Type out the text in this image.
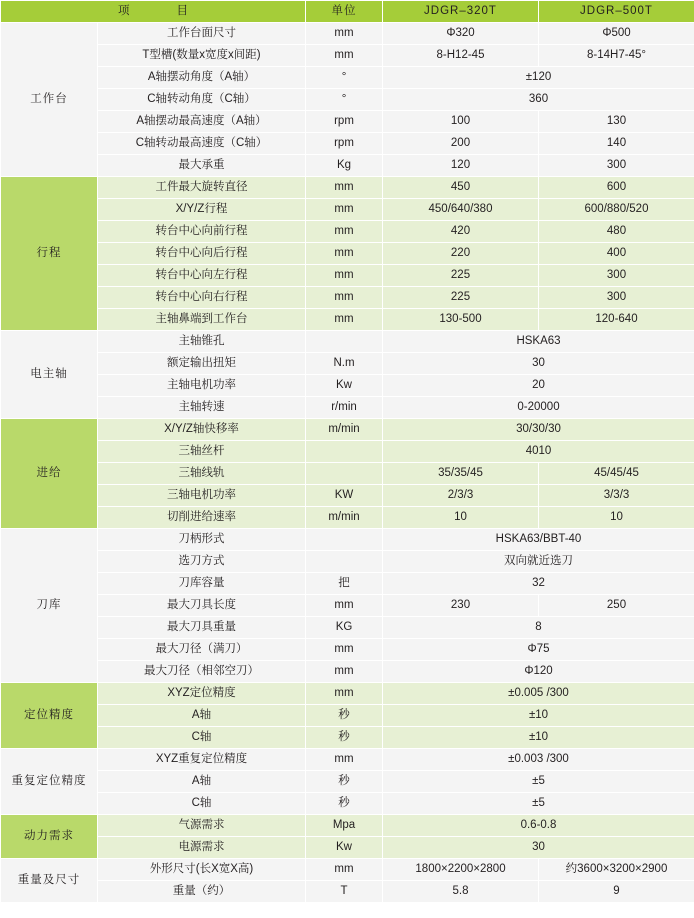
项　　目		单位	JDGR–320T	JDGR–500T
工作台	工作台面尺寸	mm	Φ320	Φ500
	T型槽(数量x宽度x间距)	mm	8-H12-45	8-14H7-45°
	A轴摆动角度（A轴）	°	±120	
	C轴转动角度（C轴）	°	360	
	A轴摆动最高速度（A轴）	rpm	100	130
	C轴转动最高速度（C轴）	rpm	200	140
	最大承重	Kg	120	300
行程	工件最大旋转直径	mm	450	600
	X/Y/Z行程	mm	450/640/380	600/880/520
	转台中心向前行程	mm	420	480
	转台中心向后行程	mm	220	400
	转台中心向左行程	mm	225	300
	转台中心向右行程	mm	225	300
	主轴鼻端到工作台	mm	130-500	120-640
电主轴	主轴锥孔		HSKA63	
	额定输出扭矩	N.m	30	
	主轴电机功率	Kw	20	
	主轴转速	r/min	0-20000	
进给	X/Y/Z轴快移率	m/min	30/30/30	
	三轴丝杆		4010	
	三轴线轨		35/35/45	45/45/45
	三轴电机功率	KW	2/3/3	3/3/3
	切削进给速率	m/min	10	10
刀库	刀柄形式		HSKA63/BBT-40	
	选刀方式		双向就近选刀	
	刀库容量	把	32	
	最大刀具长度	mm	230	250
	最大刀具重量	KG	8	
	最大刀径（满刀）	mm	Φ75	
	最大刀径（相邻空刀）	mm	Φ120	
定位精度	XYZ定位精度	mm	±0.005 /300	
	A轴	秒	±10	
	C轴	秒	±10	
重复定位精度	XYZ重复定位精度	mm	±0.003 /300	
	A轴	秒	±5	
	C轴	秒	±5	
动力需求	气源需求	Mpa	0.6-0.8	
	电源需求	Kw	30	
重量及尺寸	外形尺寸(长X宽X高)	mm	1800×2200×2800	约3600×3200×2900
	重量（约）	T	5.8	9
